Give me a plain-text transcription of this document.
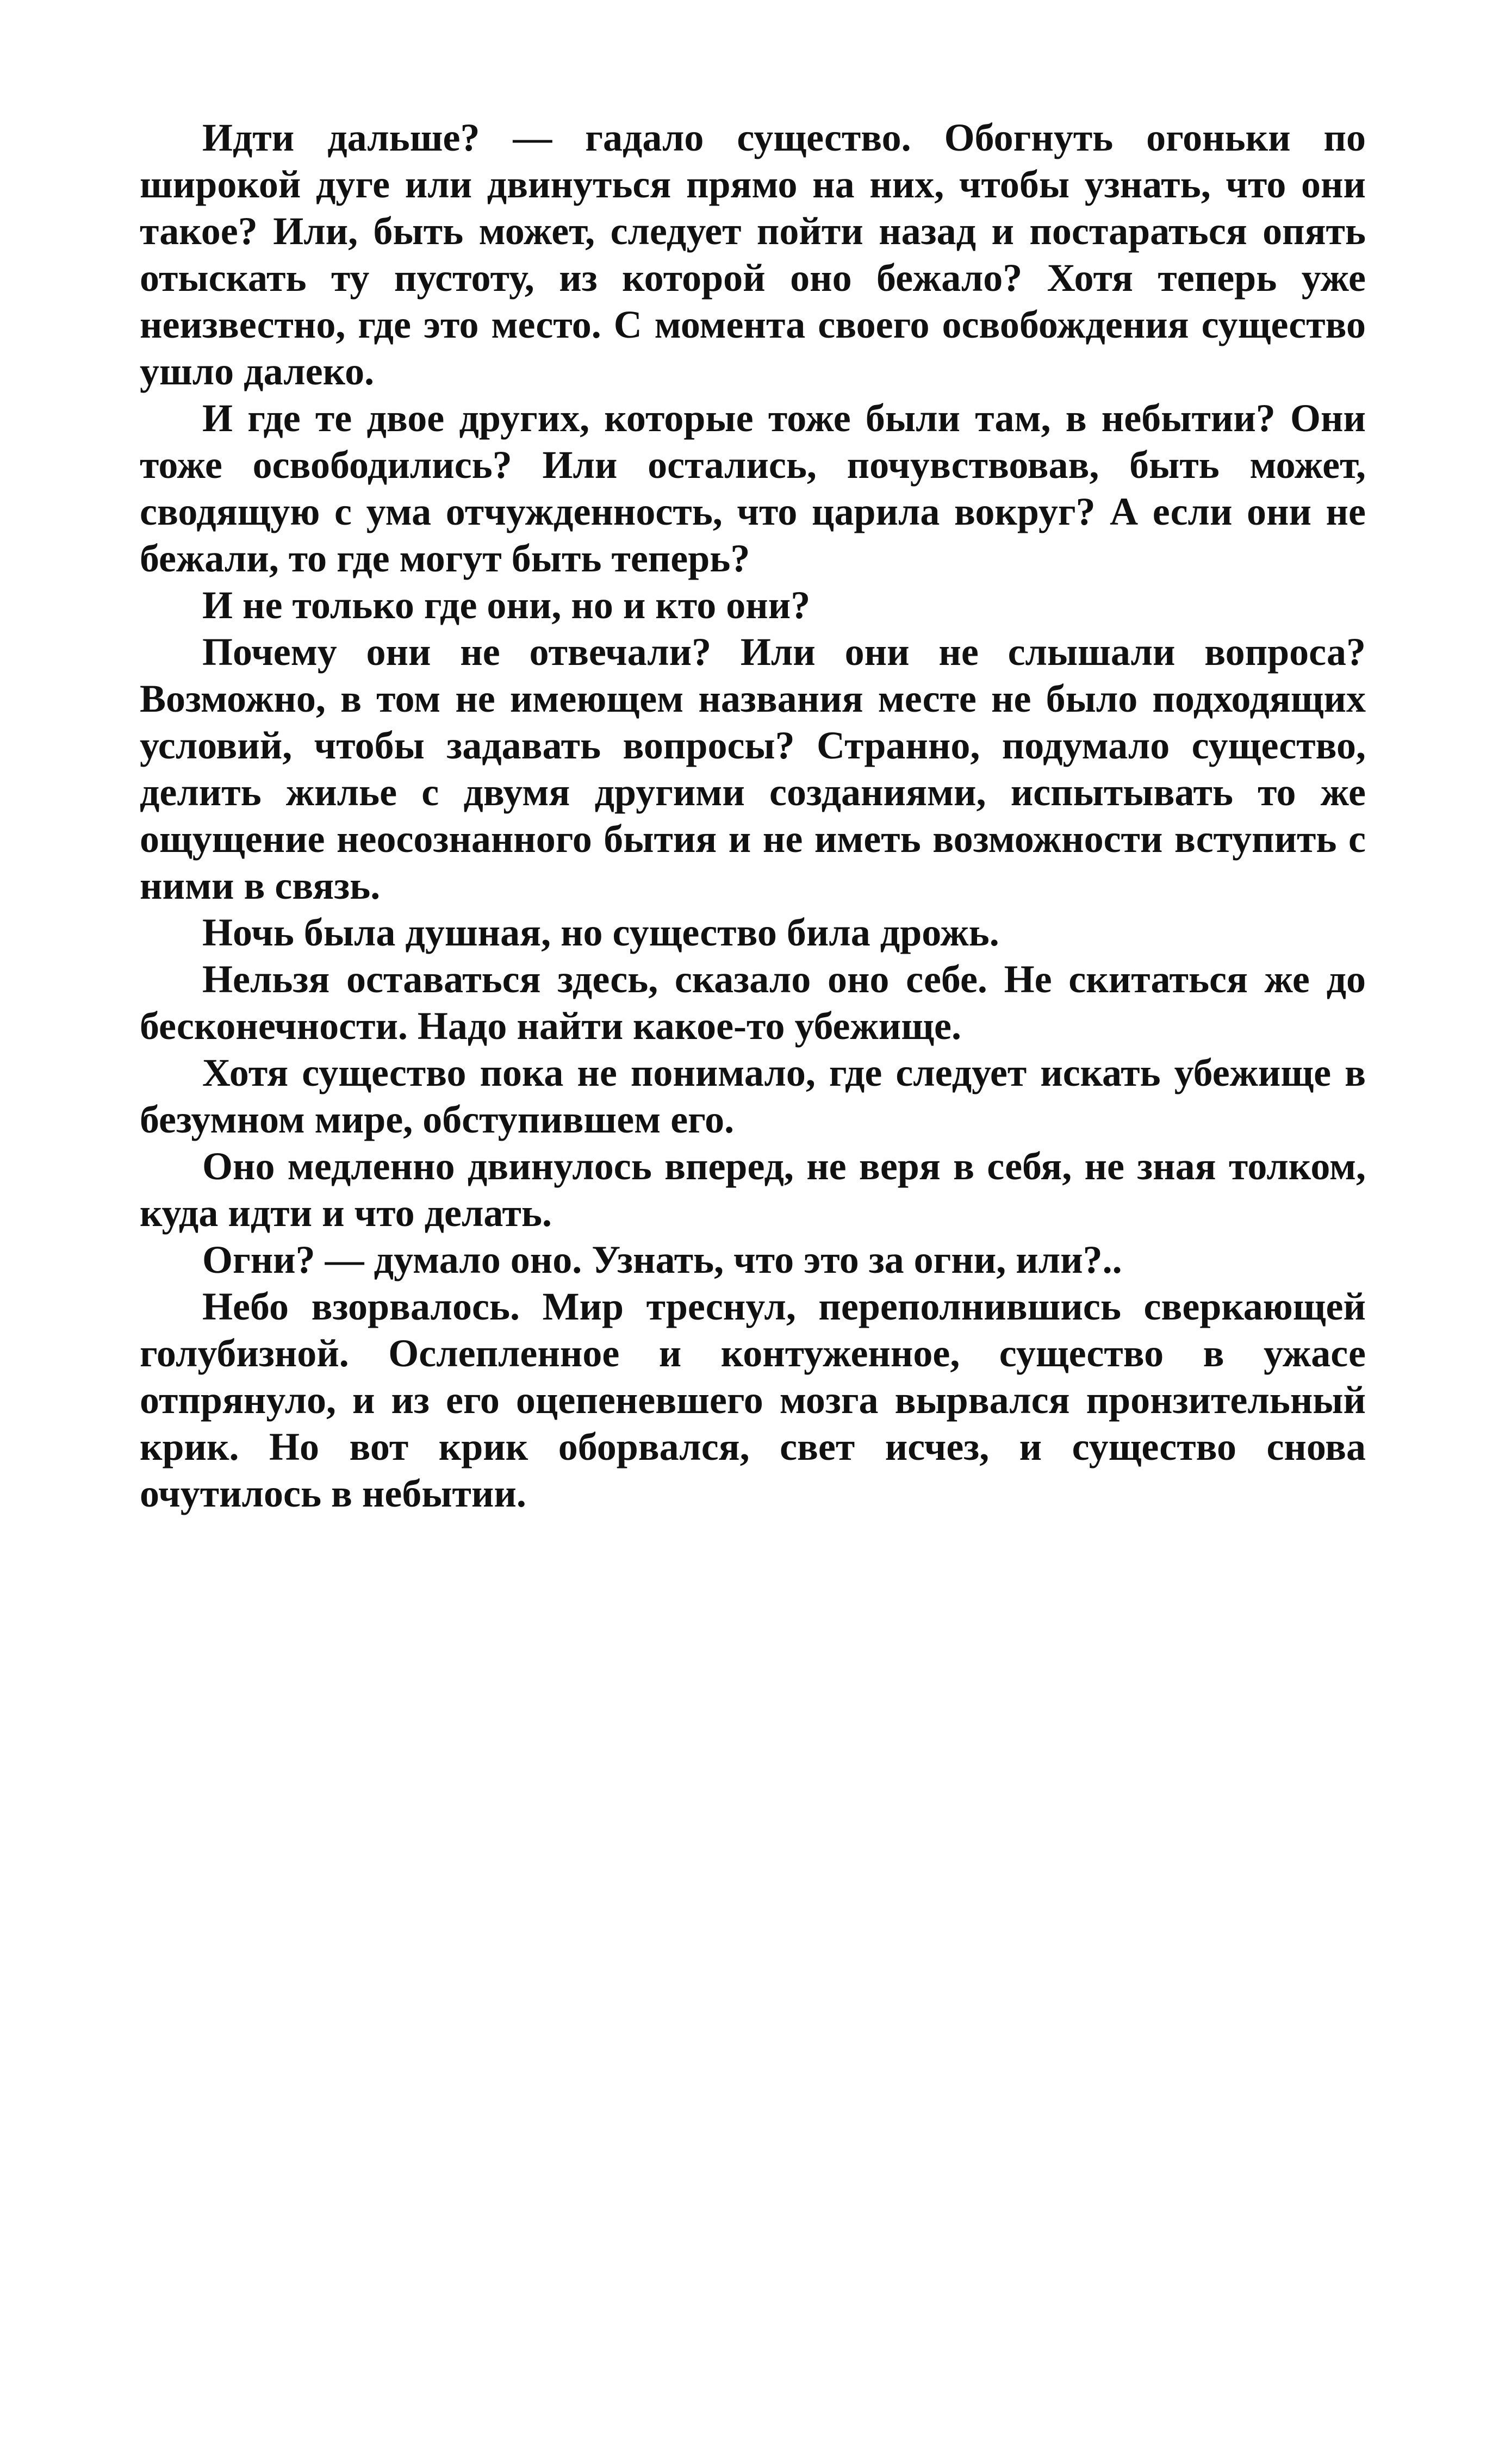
Идти дальше? — гадало существо. Обогнуть огоньки по широкой дуге или двинуться прямо на них, чтобы узнать, что они такое? Или, быть может, следует пойти назад и постараться опять отыскать ту пустоту, из которой оно бежало? Хотя теперь уже неизвестно, где это место. С момента своего освобождения существо ушло далеко.

И где те двое других, которые тоже были там, в небытии? Они тоже освободились? Или остались, почувствовав, быть может, сводящую с ума отчужденность, что царила вокруг? А если они не бежали, то где могут быть теперь?

И не только где они, но и кто они?

Почему они не отвечали? Или они не слышали вопроса? Возможно, в том не имеющем названия месте не было подходящих условий, чтобы задавать вопросы? Странно, подумало существо, делить жилье с двумя другими созданиями, испытывать то же ощущение неосознанного бытия и не иметь возможности вступить с ними в связь.

Ночь была душная, но существо била дрожь.

Нельзя оставаться здесь, сказало оно себе. Не скитаться же до бесконечности. Надо найти какое-то убежище.

Хотя существо пока не понимало, где следует искать убежище в безумном мире, обступившем его.

Оно медленно двинулось вперед, не веря в себя, не зная толком, куда идти и что делать.

Огни? — думало оно. Узнать, что это за огни, или?..

Небо взорвалось. Мир треснул, переполнившись сверкающей голубизной. Ослепленное и контуженное, существо в ужасе отпрянуло, и из его оцепеневшего мозга вырвался пронзительный крик. Но вот крик оборвался, свет исчез, и существо снова очутилось в небытии.
